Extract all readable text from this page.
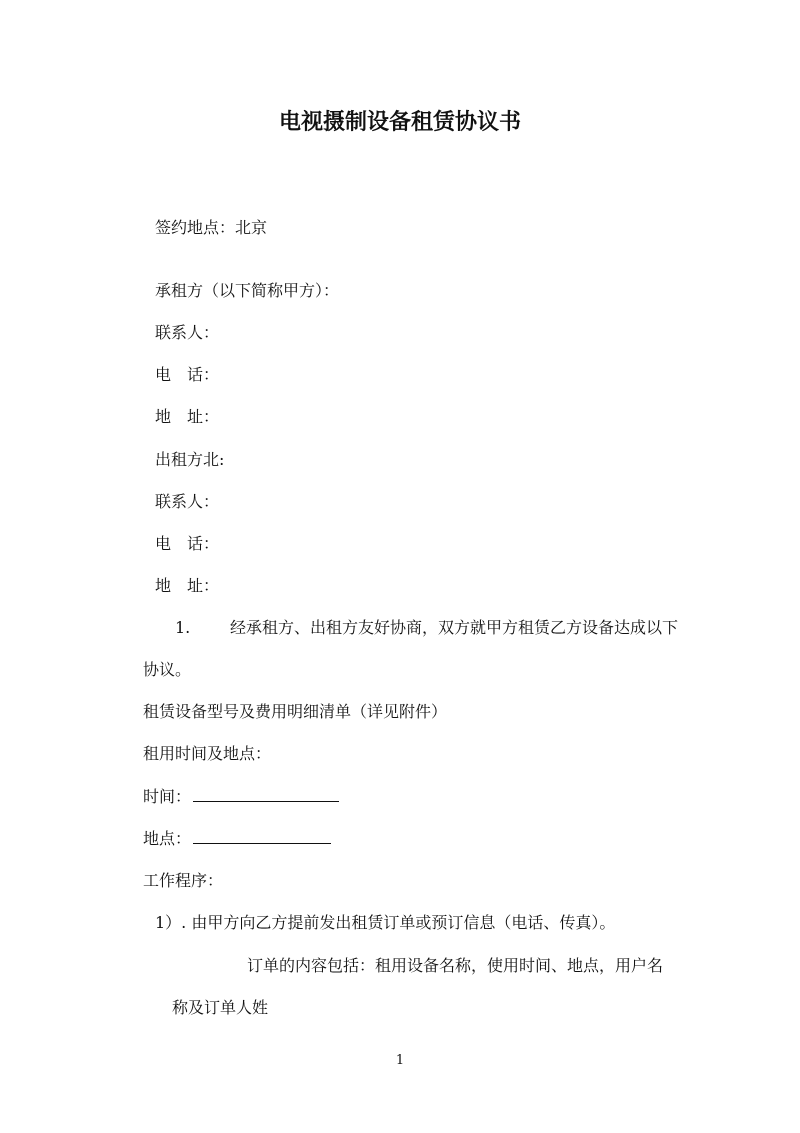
电视摄制设备租赁协议书
签约地点：北京
承租方（以下简称甲方）：
联系人：
电　话：
地　址：
出租方北:
联系人：
电　话：
地　址：
1. 经承租方、出租方友好协商，双方就甲方租赁乙方设备达成以下
协议。
租赁设备型号及费用明细清单（详见附件）
租用时间及地点：
时间：
地点：
工作程序：
1）. 由甲方向乙方提前发出租赁订单或预订信息（电话、传真）。
订单的内容包括：租用设备名称，使用时间、地点，用户名
称及订单人姓
1
